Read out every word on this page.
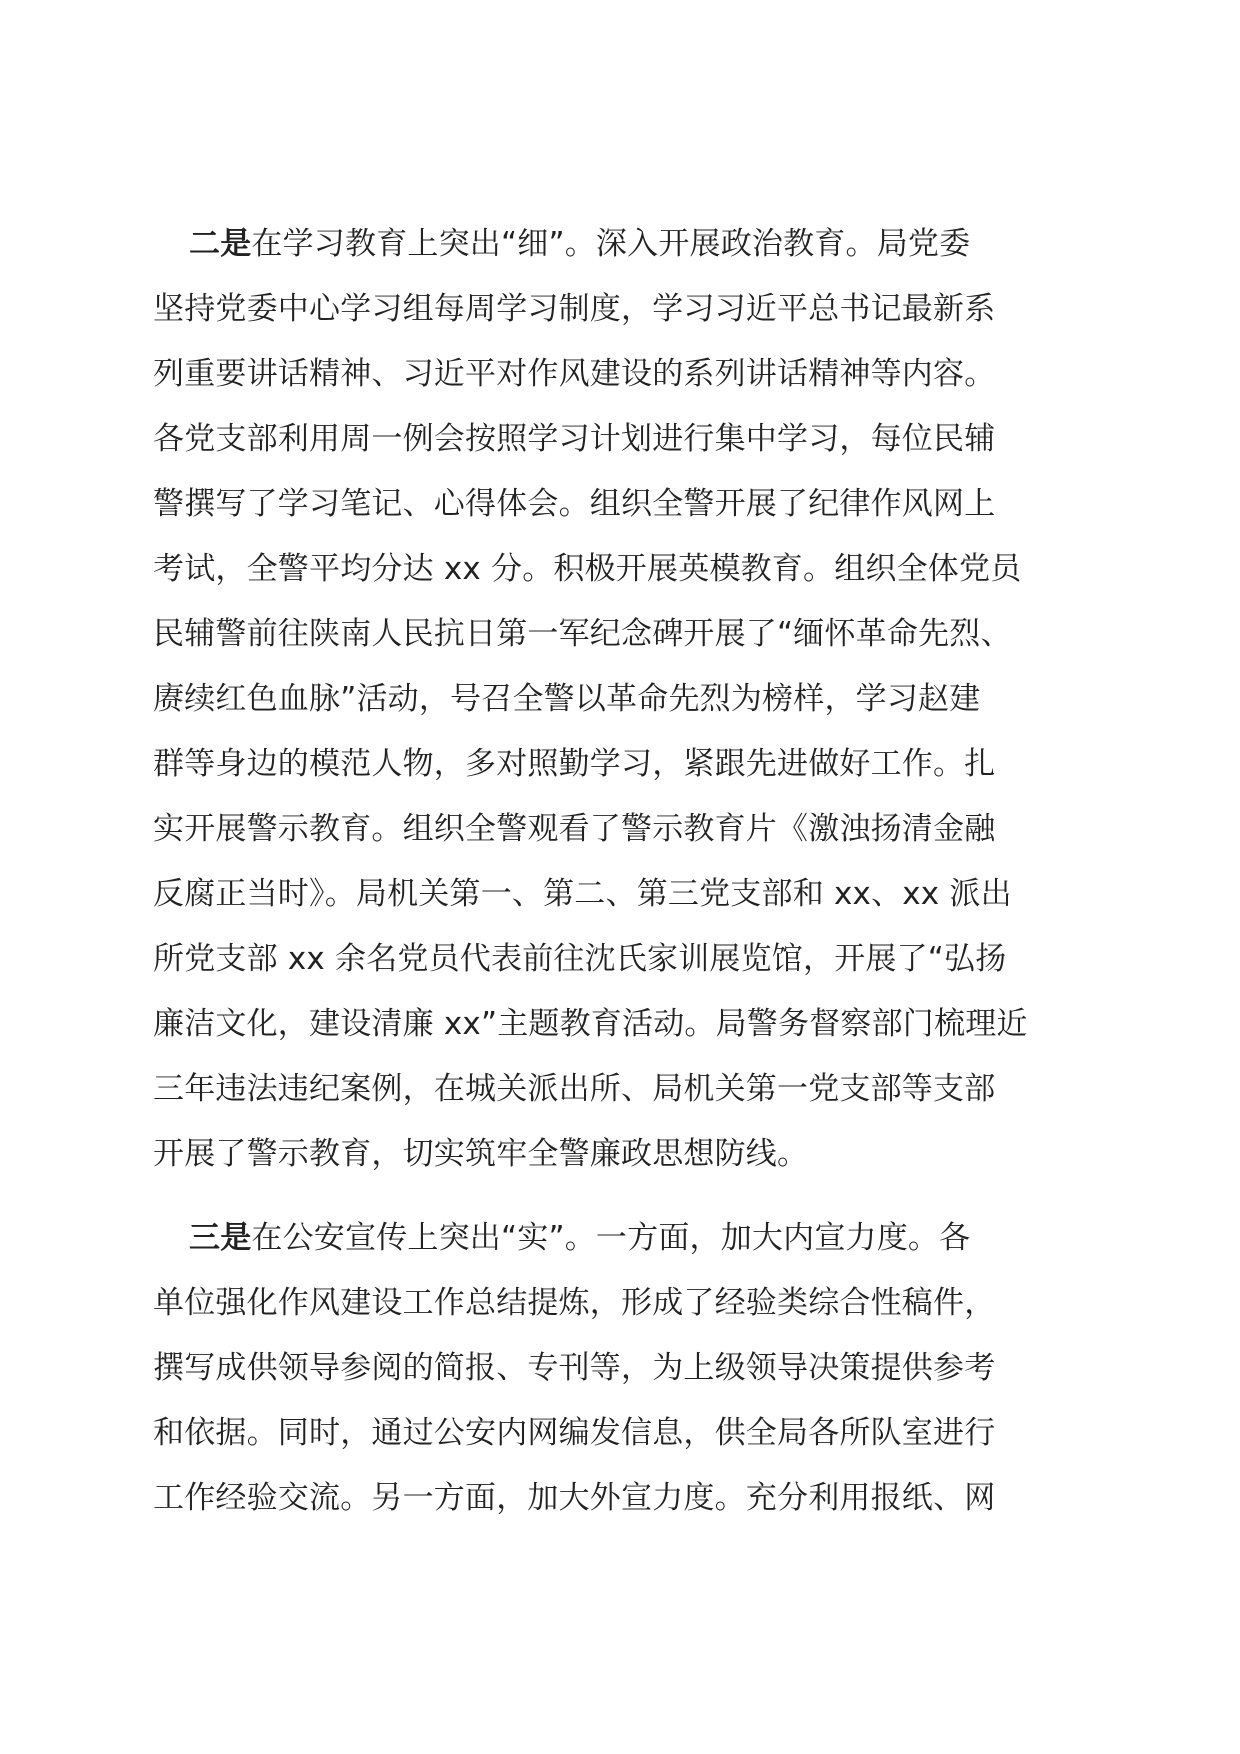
二是在学习教育上突出“细”。深入开展政治教育。局党委
坚持党委中心学习组每周学习制度，学习习近平总书记最新系
列重要讲话精神、习近平对作风建设的系列讲话精神等内容。
各党支部利用周一例会按照学习计划进行集中学习，每位民辅
警撰写了学习笔记、心得体会。组织全警开展了纪律作风网上
考试，全警平均分达 xx 分。积极开展英模教育。组织全体党员
民辅警前往陕南人民抗日第一军纪念碑开展了“缅怀革命先烈、
赓续红色血脉”活动，号召全警以革命先烈为榜样，学习赵建
群等身边的模范人物，多对照勤学习，紧跟先进做好工作。扎
实开展警示教育。组织全警观看了警示教育片《激浊扬清金融
反腐正当时》。局机关第一、第二、第三党支部和 xx、xx 派出
所党支部 xx 余名党员代表前往沈氏家训展览馆，开展了“弘扬
廉洁文化，建设清廉 xx”主题教育活动。局警务督察部门梳理近
三年违法违纪案例，在城关派出所、局机关第一党支部等支部
开展了警示教育，切实筑牢全警廉政思想防线。
三是在公安宣传上突出“实”。一方面，加大内宣力度。各
单位强化作风建设工作总结提炼，形成了经验类综合性稿件，
撰写成供领导参阅的简报、专刊等，为上级领导决策提供参考
和依据。同时，通过公安内网编发信息，供全局各所队室进行
工作经验交流。另一方面，加大外宣力度。充分利用报纸、网
